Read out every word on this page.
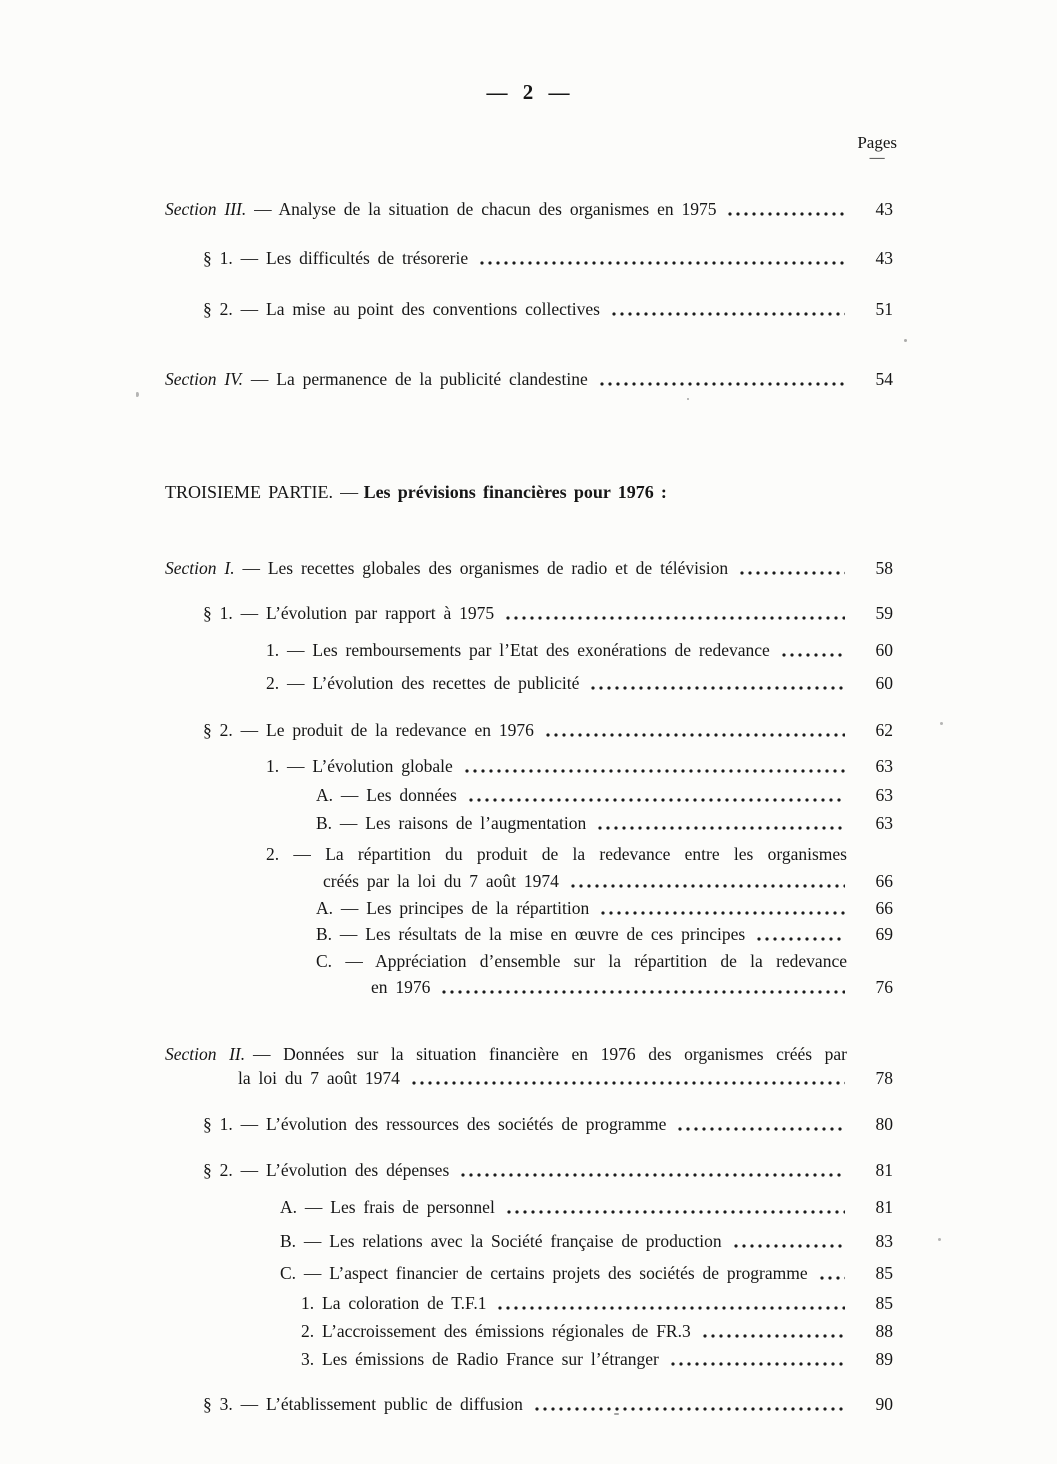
— 2 —
Pages
—
Section III. — Analyse de la situation de chacun des organismes en 1975	43
§ 1. — Les difficultés de trésorerie	43
§ 2. — La mise au point des conventions collectives	51
Section IV. — La permanence de la publicité clandestine	54
TROISIEME PARTIE. — Les prévisions financières pour 1976 :
Section I. — Les recettes globales des organismes de radio et de télévision	58
§ 1. — L’évolution par rapport à 1975	59
1. — Les remboursements par l’Etat des exonérations de redevance	60
2. — L’évolution des recettes de publicité	60
§ 2. — Le produit de la redevance en 1976	62
1. — L’évolution globale	63
A. — Les données	63
B. — Les raisons de l’augmentation	63
2. — La répartition du produit de la redevance entre les organismes
créés par la loi du 7 août 1974	66
A. — Les principes de la répartition	66
B. — Les résultats de la mise en œuvre de ces principes	69
C. — Appréciation d’ensemble sur la répartition de la redevance
en 1976	76
Section II. — Données sur la situation financière en 1976 des organismes créés par
la loi du 7 août 1974	78
§ 1. — L’évolution des ressources des sociétés de programme	80
§ 2. — L’évolution des dépenses	81
A. — Les frais de personnel	81
B. — Les relations avec la Société française de production	83
C. — L’aspect financier de certains projets des sociétés de programme	85
1. La coloration de T.F.1	85
2. L’accroissement des émissions régionales de FR.3	88
3. Les émissions de Radio France sur l’étranger	89
§ 3. — L’établissement public de diffusion	90
